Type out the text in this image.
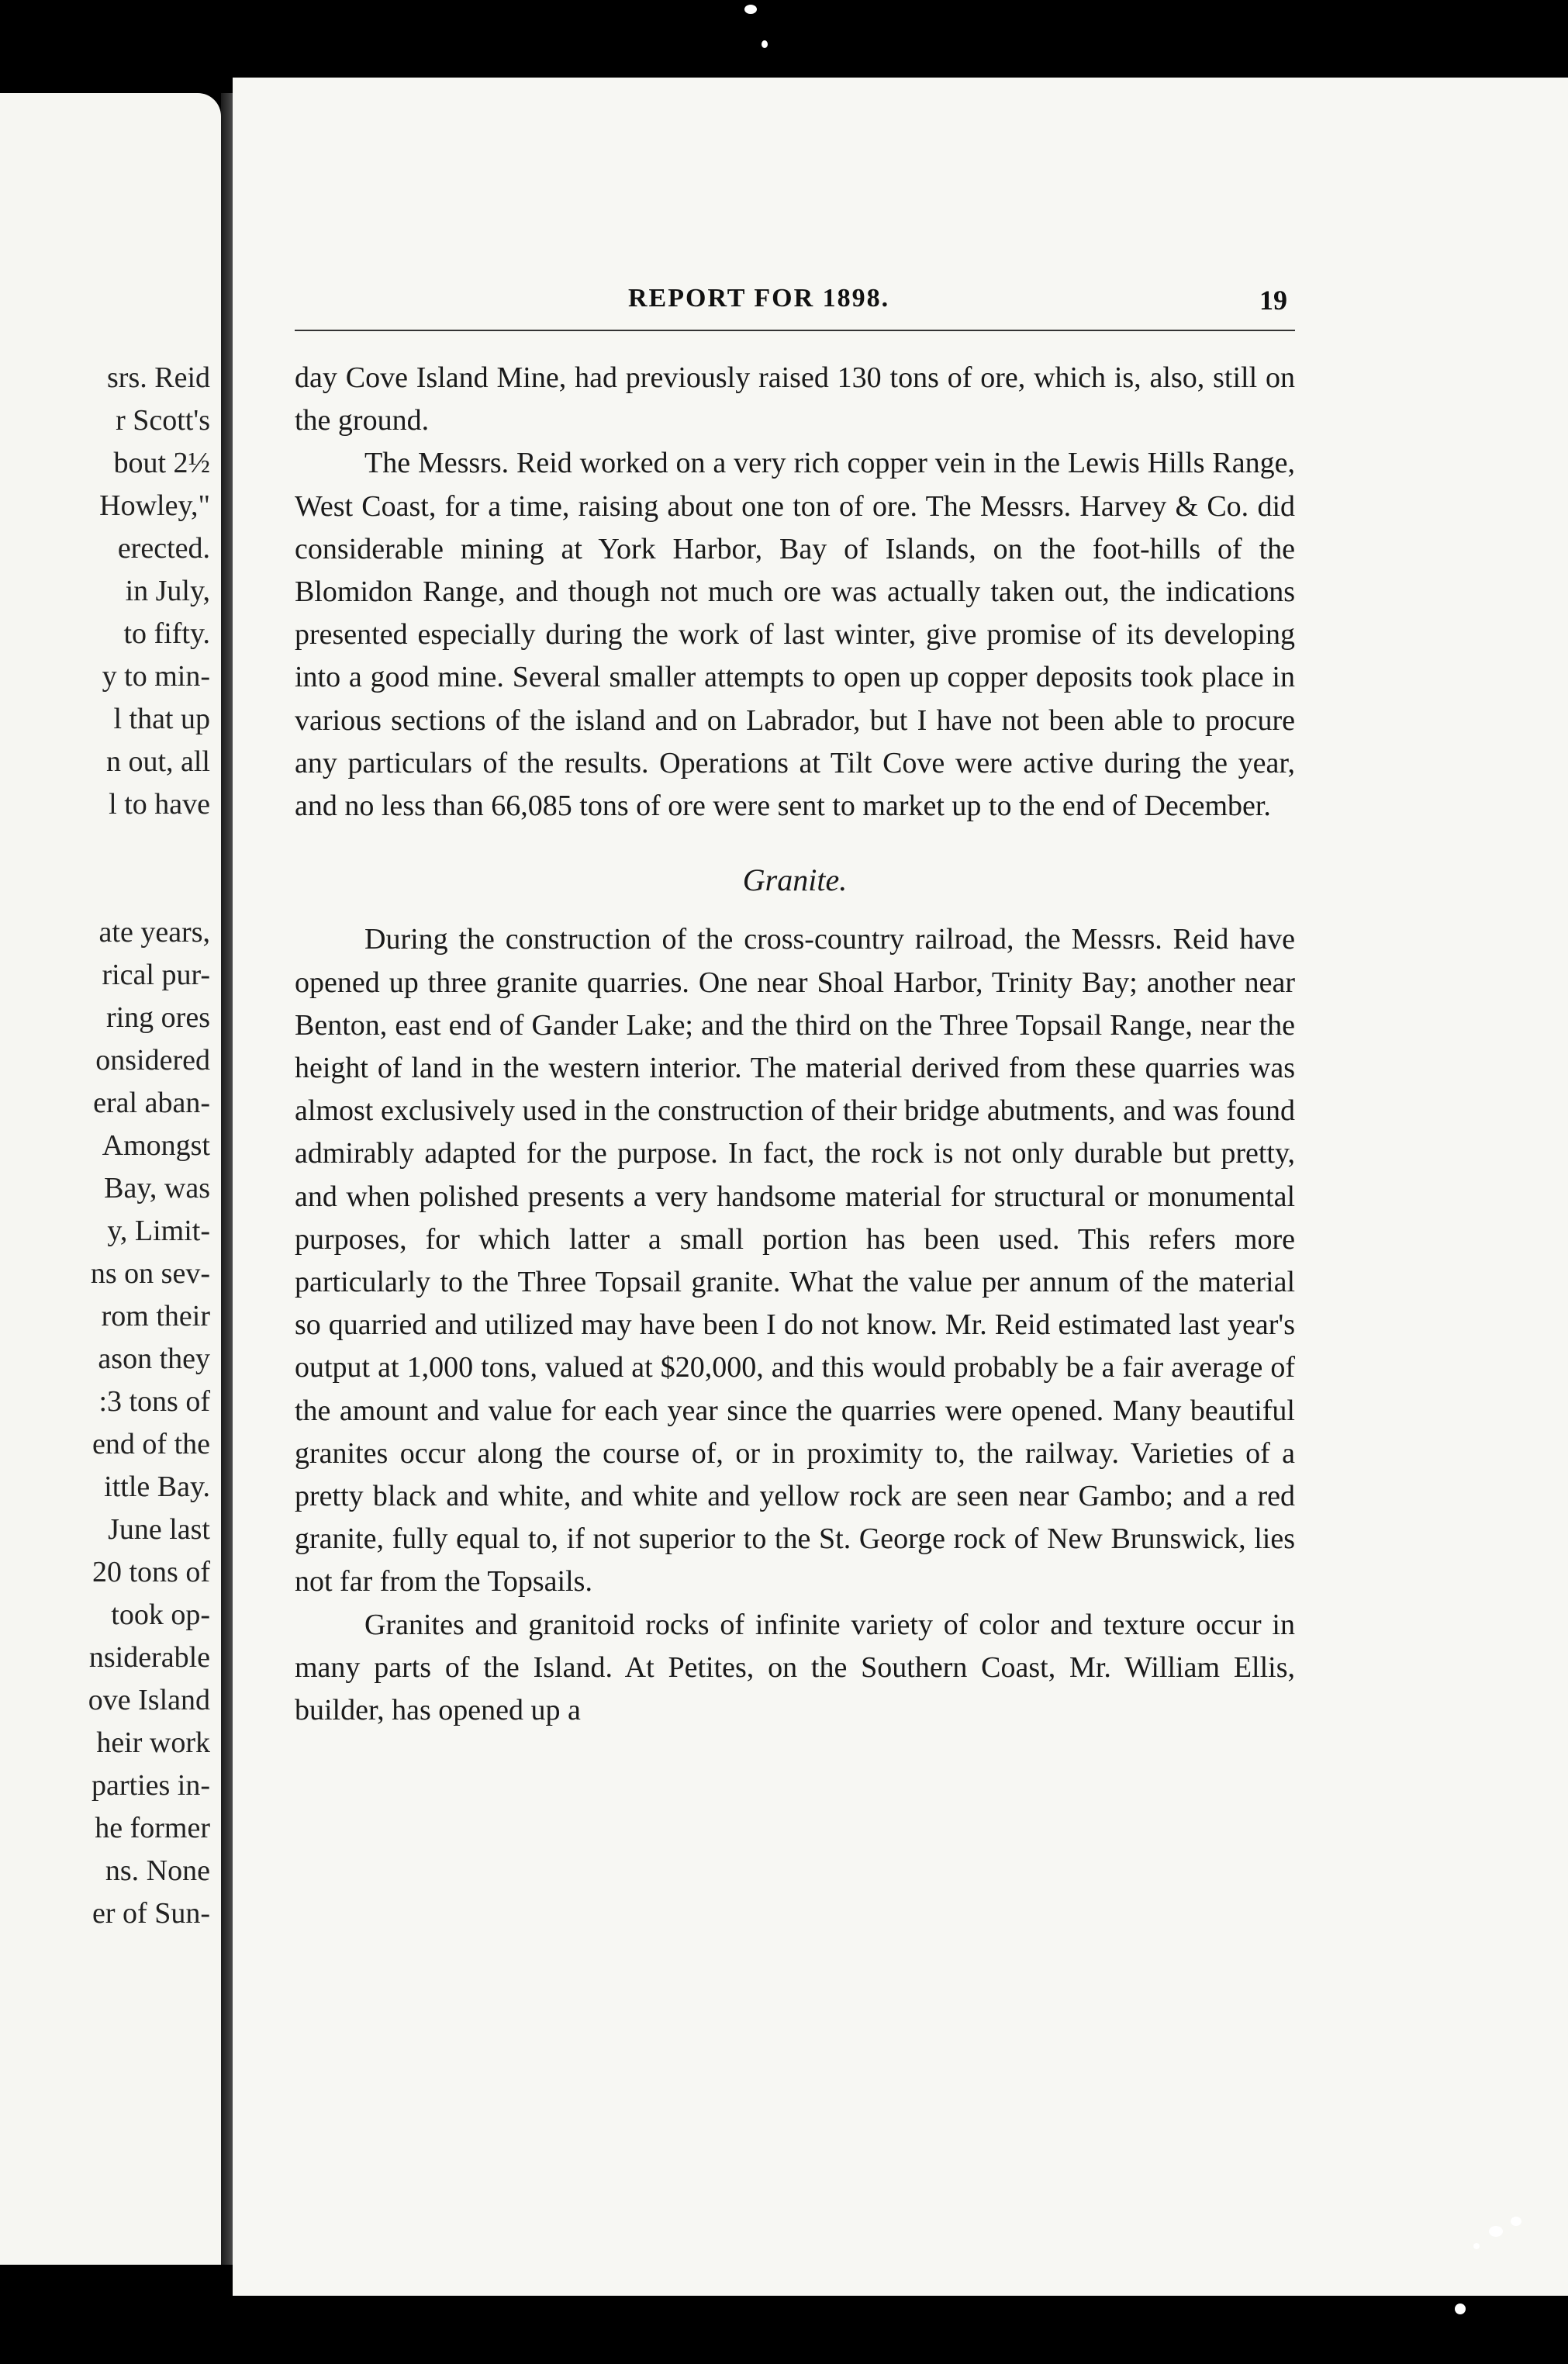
srs. Reid
r Scott's
bout 2½
Howley,"
erected.
in July,
to fifty.
y to min-
l that up
n out, all
l to have
ate years,
rical pur-
ring ores
onsidered
eral aban-
Amongst
Bay, was
y, Limit-
ns on sev-
rom their
ason they
:3 tons of
end of the
ittle Bay.
June last
20 tons of
took op-
nsiderable
ove Island
heir work
parties in-
he former
ns. None
er of Sun-
REPORT FOR 1898.	19

day Cove Island Mine, had previously raised 130 tons of ore, which is, also, still on the ground.

The Messrs. Reid worked on a very rich copper vein in the Lewis Hills Range, West Coast, for a time, raising about one ton of ore. The Messrs. Harvey & Co. did considerable mining at York Harbor, Bay of Islands, on the foot-hills of the Blomidon Range, and though not much ore was actually taken out, the indications presented especially during the work of last winter, give promise of its developing into a good mine. Several smaller attempts to open up copper deposits took place in various sections of the island and on Labrador, but I have not been able to procure any particulars of the results. Operations at Tilt Cove were active during the year, and no less than 66,085 tons of ore were sent to market up to the end of December.

Granite.

During the construction of the cross-country railroad, the Messrs. Reid have opened up three granite quarries. One near Shoal Harbor, Trinity Bay; another near Benton, east end of Gander Lake; and the third on the Three Topsail Range, near the height of land in the western interior. The material derived from these quarries was almost exclusively used in the construction of their bridge abutments, and was found admirably adapted for the purpose. In fact, the rock is not only durable but pretty, and when polished presents a very handsome material for structural or monumental purposes, for which latter a small portion has been used. This refers more particularly to the Three Topsail granite. What the value per annum of the material so quarried and utilized may have been I do not know. Mr. Reid estimated last year's output at 1,000 tons, valued at $20,000, and this would probably be a fair average of the amount and value for each year since the quarries were opened. Many beautiful granites occur along the course of, or in proximity to, the railway. Varieties of a pretty black and white, and white and yellow rock are seen near Gambo; and a red granite, fully equal to, if not superior to the St. George rock of New Brunswick, lies not far from the Topsails.

Granites and granitoid rocks of infinite variety of color and texture occur in many parts of the Island. At Petites, on the Southern Coast, Mr. William Ellis, builder, has opened up a
